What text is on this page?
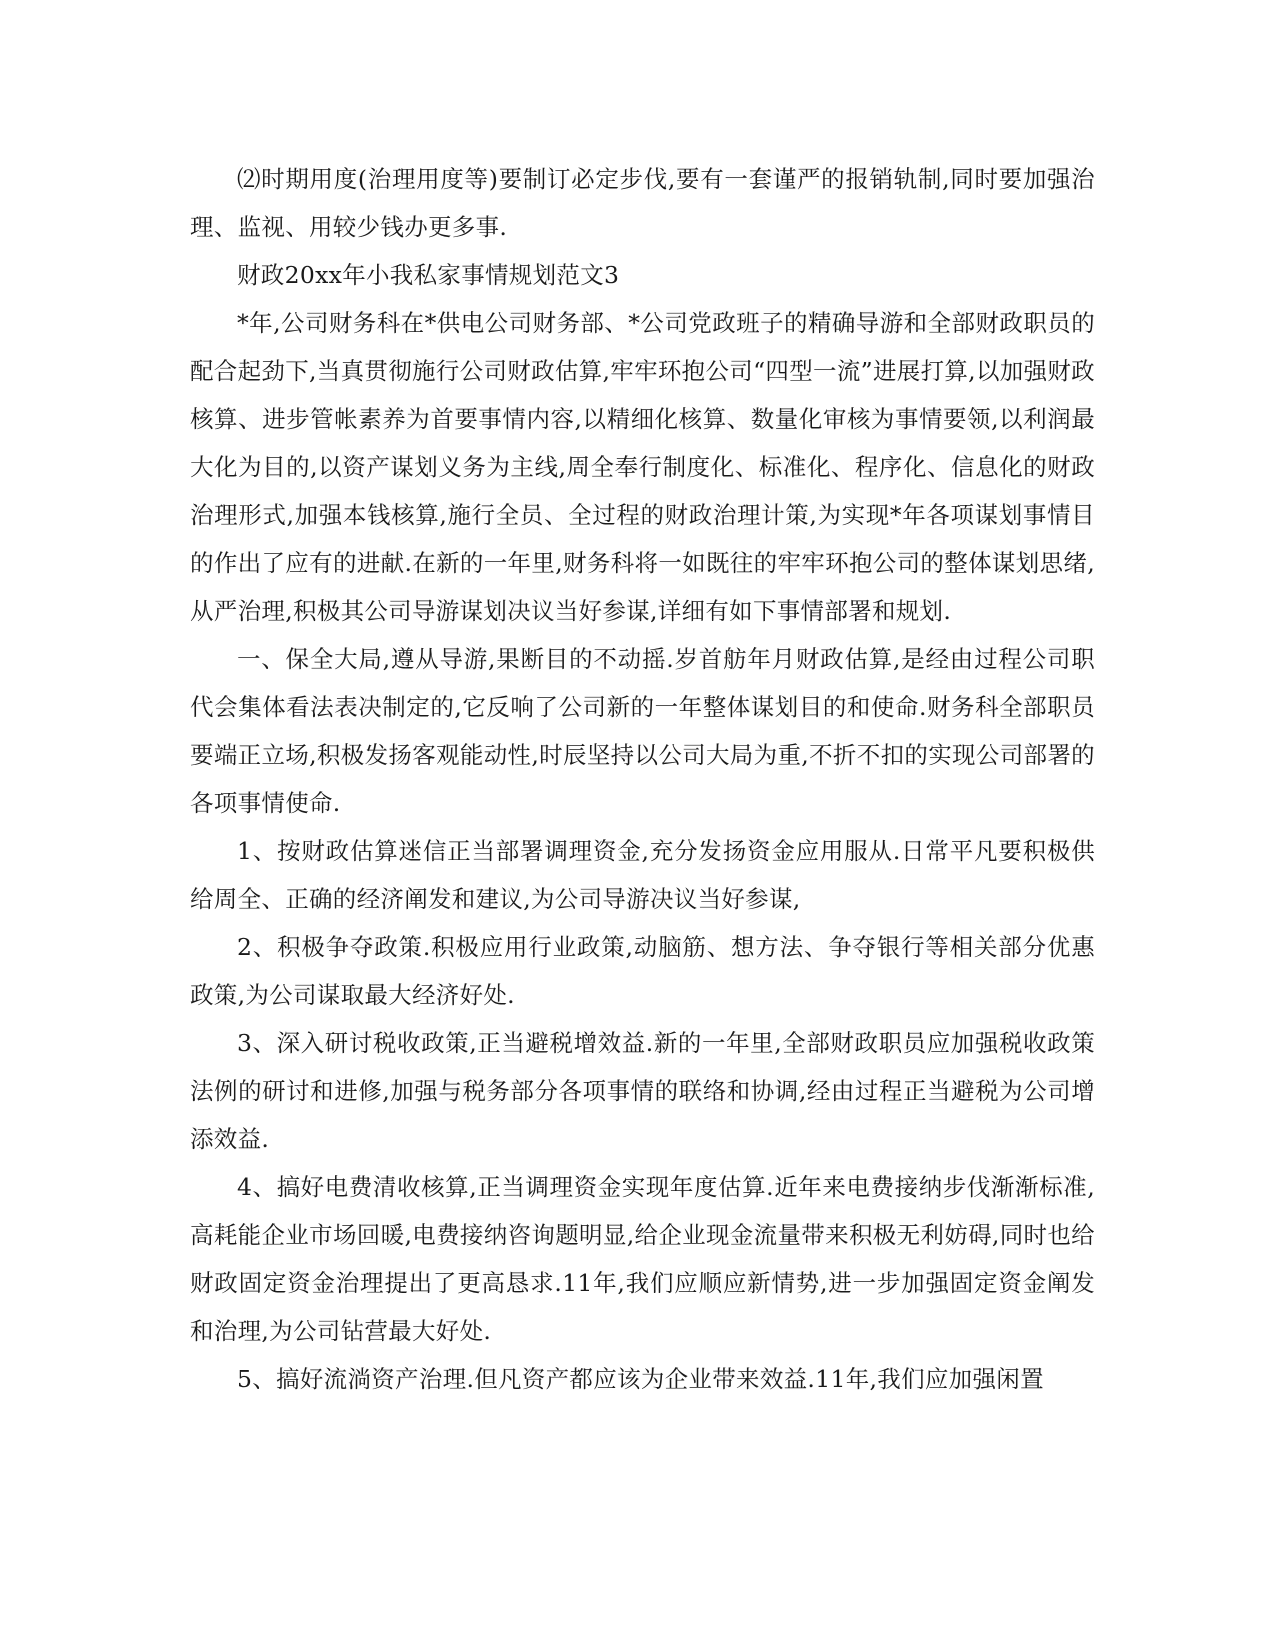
⑵时期用度(治理用度等)要制订必定步伐,要有一套谨严的报销轨制,同时要加强治理、监视、用较少钱办更多事.

财政20xx年小我私家事情规划范文3

*年,公司财务科在*供电公司财务部、*公司党政班子的精确导游和全部财政职员的配合起劲下,当真贯彻施行公司财政估算,牢牢环抱公司“四型一流”进展打算,以加强财政核算、进步管帐素养为首要事情内容,以精细化核算、数量化审核为事情要领,以利润最大化为目的,以资产谋划义务为主线,周全奉行制度化、标准化、程序化、信息化的财政治理形式,加强本钱核算,施行全员、全过程的财政治理计策,为实现*年各项谋划事情目的作出了应有的进献.在新的一年里,财务科将一如既往的牢牢环抱公司的整体谋划思绪,从严治理,积极其公司导游谋划决议当好参谋,详细有如下事情部署和规划.

一、保全大局,遵从导游,果断目的不动摇.岁首舫年月财政估算,是经由过程公司职代会集体看法表决制定的,它反响了公司新的一年整体谋划目的和使命.财务科全部职员要端正立场,积极发扬客观能动性,时辰坚持以公司大局为重,不折不扣的实现公司部署的各项事情使命.

1、按财政估算迷信正当部署调理资金,充分发扬资金应用服从.日常平凡要积极供给周全、正确的经济阐发和建议,为公司导游决议当好参谋,

2、积极争夺政策.积极应用行业政策,动脑筋、想方法、争夺银行等相关部分优惠政策,为公司谋取最大经济好处.

3、深入研讨税收政策,正当避税增效益.新的一年里,全部财政职员应加强税收政策法例的研讨和进修,加强与税务部分各项事情的联络和协调,经由过程正当避税为公司增添效益.

4、搞好电费清收核算,正当调理资金实现年度估算.近年来电费接纳步伐渐渐标准,高耗能企业市场回暖,电费接纳咨询题明显,给企业现金流量带来积极无利妨碍,同时也给财政固定资金治理提出了更高恳求.11年,我们应顺应新情势,进一步加强固定资金阐发和治理,为公司钻营最大好处.

5、搞好流淌资产治理.但凡资产都应该为企业带来效益.11年,我们应加强闲置
